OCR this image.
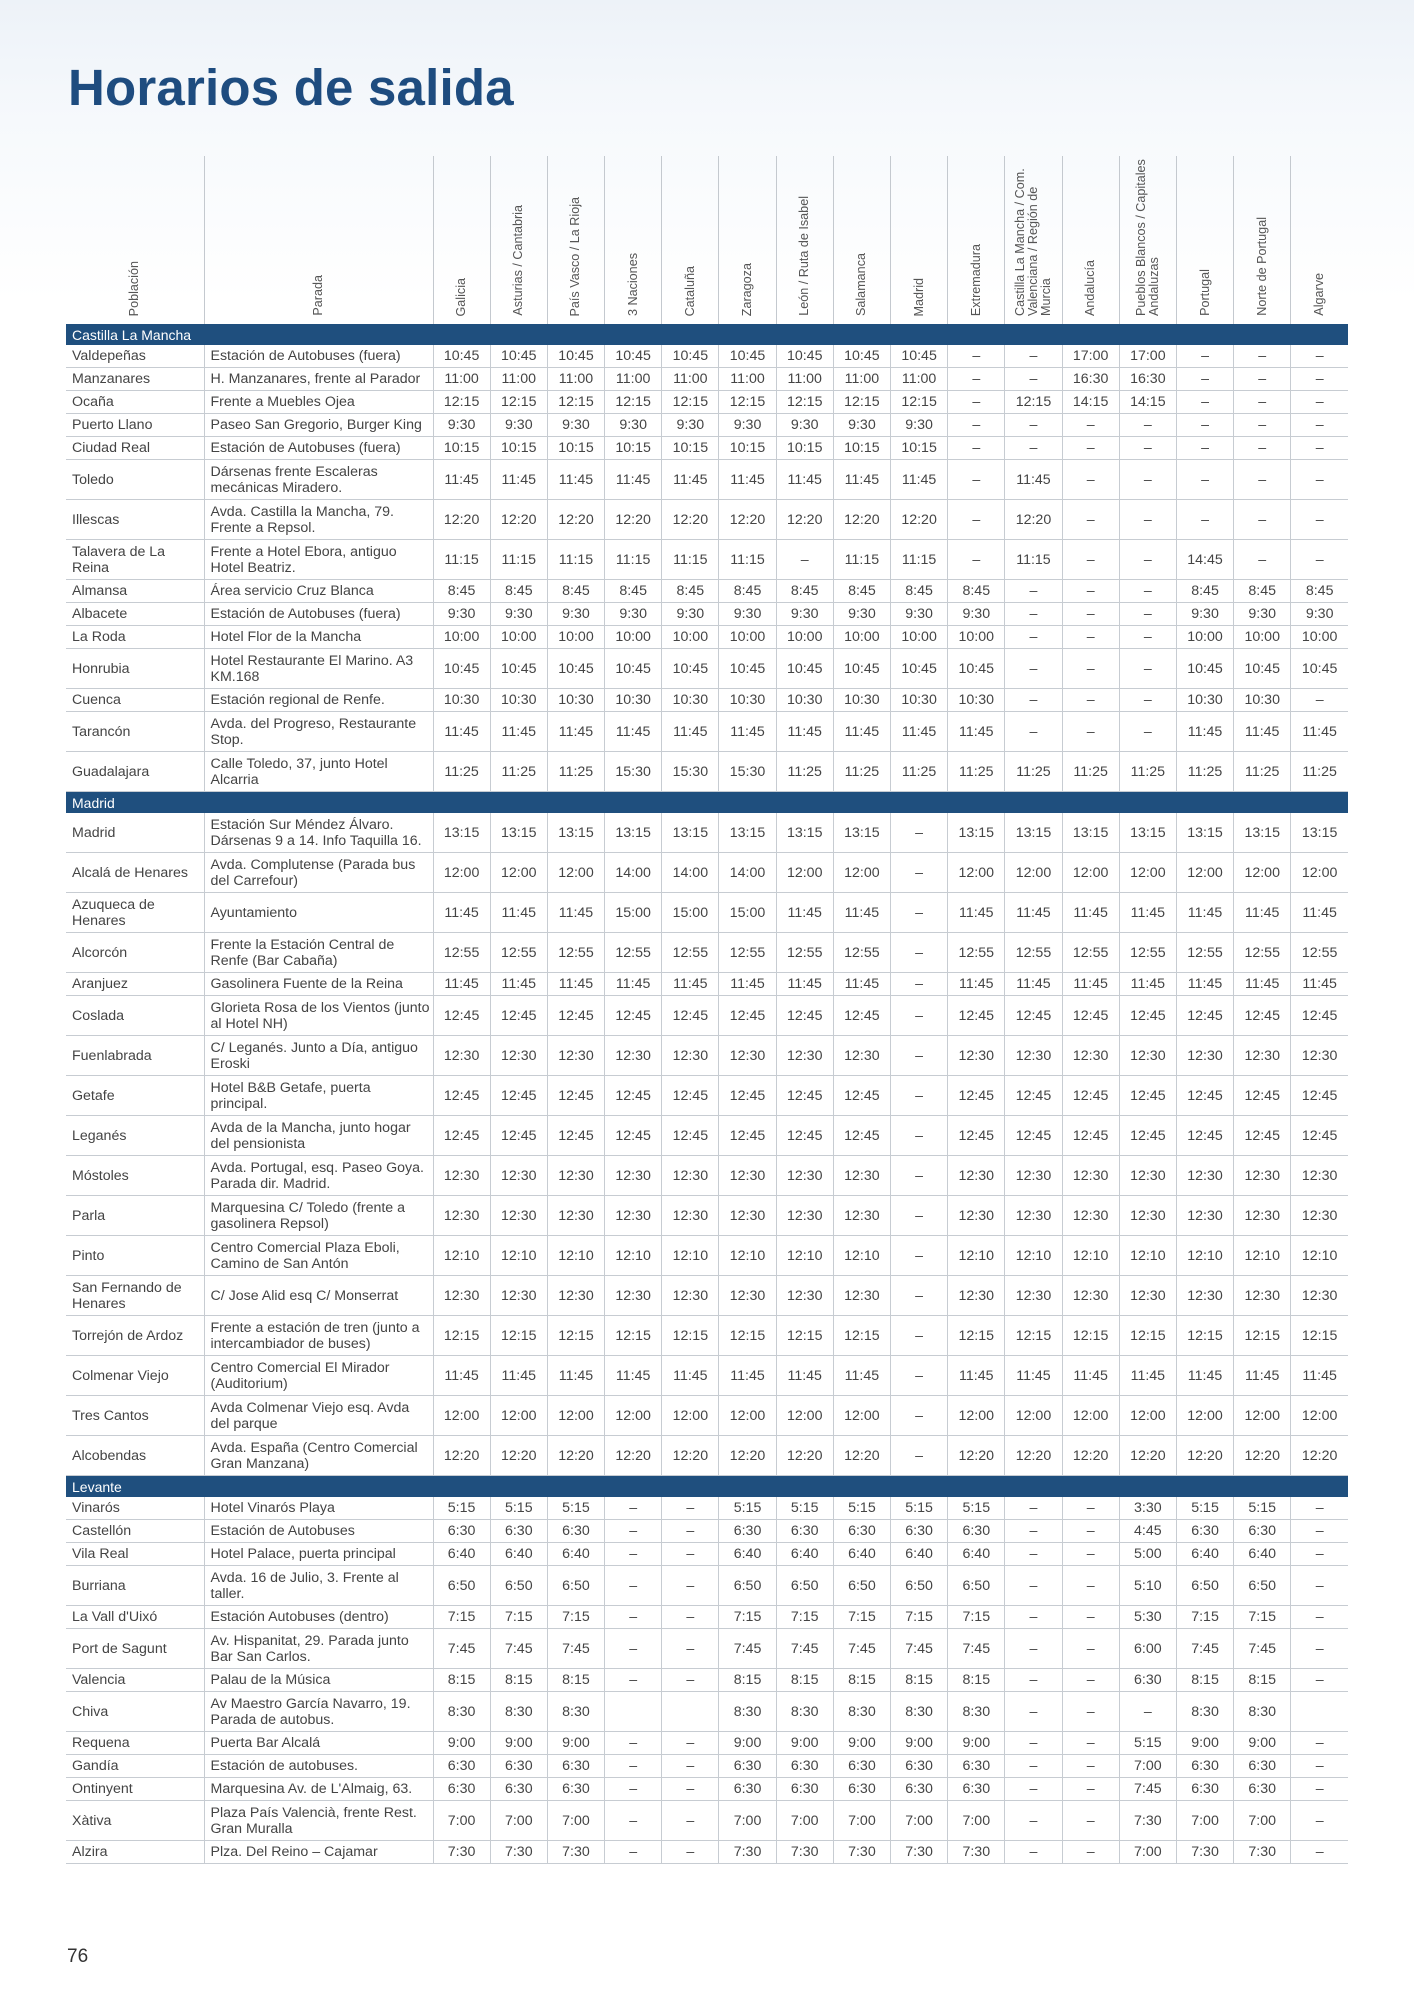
Horarios de salida
Población	Parada	Galicia	Asturias / Cantabria	País Vasco / La Rioja	3 Naciones	Cataluña	Zaragoza	León / Ruta de Isabel	Salamanca	Madrid	Extremadura	Castilla La Mancha / Com. Valenciana / Región de Murcia	Andalucía	Pueblos Blancos / Capitales Andaluzas	Portugal	Norte de Portugal	Algarve
Castilla La Mancha																	
Valdepeñas	Estación de Autobuses (fuera)	10:45	10:45	10:45	10:45	10:45	10:45	10:45	10:45	10:45	–	–	17:00	17:00	–	–	–
Manzanares	H. Manzanares, frente al Parador	11:00	11:00	11:00	11:00	11:00	11:00	11:00	11:00	11:00	–	–	16:30	16:30	–	–	–
Ocaña	Frente a Muebles Ojea	12:15	12:15	12:15	12:15	12:15	12:15	12:15	12:15	12:15	–	12:15	14:15	14:15	–	–	–
Puerto Llano	Paseo San Gregorio, Burger King	9:30	9:30	9:30	9:30	9:30	9:30	9:30	9:30	9:30	–	–	–	–	–	–	–
Ciudad Real	Estación de Autobuses (fuera)	10:15	10:15	10:15	10:15	10:15	10:15	10:15	10:15	10:15	–	–	–	–	–	–	–
Toledo	Dársenas frente Escaleras mecánicas Miradero.	11:45	11:45	11:45	11:45	11:45	11:45	11:45	11:45	11:45	–	11:45	–	–	–	–	–
Illescas	Avda. Castilla la Mancha, 79. Frente a Repsol.	12:20	12:20	12:20	12:20	12:20	12:20	12:20	12:20	12:20	–	12:20	–	–	–	–	–
Talavera de La Reina	Frente a Hotel Ebora, antiguo Hotel Beatriz.	11:15	11:15	11:15	11:15	11:15	11:15	–	11:15	11:15	–	11:15	–	–	14:45	–	–
Almansa	Área servicio Cruz Blanca	8:45	8:45	8:45	8:45	8:45	8:45	8:45	8:45	8:45	8:45	–	–	–	8:45	8:45	8:45
Albacete	Estación de Autobuses (fuera)	9:30	9:30	9:30	9:30	9:30	9:30	9:30	9:30	9:30	9:30	–	–	–	9:30	9:30	9:30
La Roda	Hotel Flor de la Mancha	10:00	10:00	10:00	10:00	10:00	10:00	10:00	10:00	10:00	10:00	–	–	–	10:00	10:00	10:00
Honrubia	Hotel Restaurante El Marino. A3 KM.168	10:45	10:45	10:45	10:45	10:45	10:45	10:45	10:45	10:45	10:45	–	–	–	10:45	10:45	10:45
Cuenca	Estación regional de Renfe.	10:30	10:30	10:30	10:30	10:30	10:30	10:30	10:30	10:30	10:30	–	–	–	10:30	10:30	–
Tarancón	Avda. del Progreso, Restaurante Stop.	11:45	11:45	11:45	11:45	11:45	11:45	11:45	11:45	11:45	11:45	–	–	–	11:45	11:45	11:45
Guadalajara	Calle Toledo, 37, junto Hotel Alcarria	11:25	11:25	11:25	15:30	15:30	15:30	11:25	11:25	11:25	11:25	11:25	11:25	11:25	11:25	11:25	11:25
Madrid																	
Madrid	Estación Sur Méndez Álvaro. Dársenas 9 a 14. Info Taquilla 16.	13:15	13:15	13:15	13:15	13:15	13:15	13:15	13:15	–	13:15	13:15	13:15	13:15	13:15	13:15	13:15
Alcalá de Henares	Avda. Complutense (Parada bus del Carrefour)	12:00	12:00	12:00	14:00	14:00	14:00	12:00	12:00	–	12:00	12:00	12:00	12:00	12:00	12:00	12:00
Azuqueca de Henares	Ayuntamiento	11:45	11:45	11:45	15:00	15:00	15:00	11:45	11:45	–	11:45	11:45	11:45	11:45	11:45	11:45	11:45
Alcorcón	Frente la Estación Central de Renfe (Bar Cabaña)	12:55	12:55	12:55	12:55	12:55	12:55	12:55	12:55	–	12:55	12:55	12:55	12:55	12:55	12:55	12:55
Aranjuez	Gasolinera Fuente de la Reina	11:45	11:45	11:45	11:45	11:45	11:45	11:45	11:45	–	11:45	11:45	11:45	11:45	11:45	11:45	11:45
Coslada	Glorieta Rosa de los Vientos (junto al Hotel NH)	12:45	12:45	12:45	12:45	12:45	12:45	12:45	12:45	–	12:45	12:45	12:45	12:45	12:45	12:45	12:45
Fuenlabrada	C/ Leganés. Junto a Día, antiguo Eroski	12:30	12:30	12:30	12:30	12:30	12:30	12:30	12:30	–	12:30	12:30	12:30	12:30	12:30	12:30	12:30
Getafe	Hotel B&B Getafe, puerta principal.	12:45	12:45	12:45	12:45	12:45	12:45	12:45	12:45	–	12:45	12:45	12:45	12:45	12:45	12:45	12:45
Leganés	Avda de la Mancha, junto hogar del pensionista	12:45	12:45	12:45	12:45	12:45	12:45	12:45	12:45	–	12:45	12:45	12:45	12:45	12:45	12:45	12:45
Móstoles	Avda. Portugal, esq. Paseo Goya. Parada dir. Madrid.	12:30	12:30	12:30	12:30	12:30	12:30	12:30	12:30	–	12:30	12:30	12:30	12:30	12:30	12:30	12:30
Parla	Marquesina C/ Toledo (frente a gasolinera Repsol)	12:30	12:30	12:30	12:30	12:30	12:30	12:30	12:30	–	12:30	12:30	12:30	12:30	12:30	12:30	12:30
Pinto	Centro Comercial Plaza Eboli, Camino de San Antón	12:10	12:10	12:10	12:10	12:10	12:10	12:10	12:10	–	12:10	12:10	12:10	12:10	12:10	12:10	12:10
San Fernando de Henares	C/ Jose Alid esq C/ Monserrat	12:30	12:30	12:30	12:30	12:30	12:30	12:30	12:30	–	12:30	12:30	12:30	12:30	12:30	12:30	12:30
Torrejón de Ardoz	Frente a estación de tren (junto a intercambiador de buses)	12:15	12:15	12:15	12:15	12:15	12:15	12:15	12:15	–	12:15	12:15	12:15	12:15	12:15	12:15	12:15
Colmenar Viejo	Centro Comercial El Mirador (Auditorium)	11:45	11:45	11:45	11:45	11:45	11:45	11:45	11:45	–	11:45	11:45	11:45	11:45	11:45	11:45	11:45
Tres Cantos	Avda Colmenar Viejo esq. Avda del parque	12:00	12:00	12:00	12:00	12:00	12:00	12:00	12:00	–	12:00	12:00	12:00	12:00	12:00	12:00	12:00
Alcobendas	Avda. España (Centro Comercial Gran Manzana)	12:20	12:20	12:20	12:20	12:20	12:20	12:20	12:20	–	12:20	12:20	12:20	12:20	12:20	12:20	12:20
Levante																	
Vinarós	Hotel Vinarós Playa	5:15	5:15	5:15	–	–	5:15	5:15	5:15	5:15	5:15	–	–	3:30	5:15	5:15	–
Castellón	Estación de Autobuses	6:30	6:30	6:30	–	–	6:30	6:30	6:30	6:30	6:30	–	–	4:45	6:30	6:30	–
Vila Real	Hotel Palace, puerta principal	6:40	6:40	6:40	–	–	6:40	6:40	6:40	6:40	6:40	–	–	5:00	6:40	6:40	–
Burriana	Avda. 16 de Julio, 3. Frente al taller.	6:50	6:50	6:50	–	–	6:50	6:50	6:50	6:50	6:50	–	–	5:10	6:50	6:50	–
La Vall d'Uixó	Estación Autobuses (dentro)	7:15	7:15	7:15	–	–	7:15	7:15	7:15	7:15	7:15	–	–	5:30	7:15	7:15	–
Port de Sagunt	Av. Hispanitat, 29. Parada junto Bar San Carlos.	7:45	7:45	7:45	–	–	7:45	7:45	7:45	7:45	7:45	–	–	6:00	7:45	7:45	–
Valencia	Palau de la Música	8:15	8:15	8:15	–	–	8:15	8:15	8:15	8:15	8:15	–	–	6:30	8:15	8:15	–
Chiva	Av Maestro García Navarro, 19. Parada de autobus.	8:30	8:30	8:30			8:30	8:30	8:30	8:30	8:30	–	–	–	8:30	8:30	
Requena	Puerta Bar Alcalá	9:00	9:00	9:00	–	–	9:00	9:00	9:00	9:00	9:00	–	–	5:15	9:00	9:00	–
Gandía	Estación de autobuses.	6:30	6:30	6:30	–	–	6:30	6:30	6:30	6:30	6:30	–	–	7:00	6:30	6:30	–
Ontinyent	Marquesina Av. de L'Almaig, 63.	6:30	6:30	6:30	–	–	6:30	6:30	6:30	6:30	6:30	–	–	7:45	6:30	6:30	–
Xàtiva	Plaza País Valencià, frente Rest. Gran Muralla	7:00	7:00	7:00	–	–	7:00	7:00	7:00	7:00	7:00	–	–	7:30	7:00	7:00	–
Alzira	Plza. Del Reino – Cajamar	7:30	7:30	7:30	–	–	7:30	7:30	7:30	7:30	7:30	–	–	7:00	7:30	7:30	–
76
